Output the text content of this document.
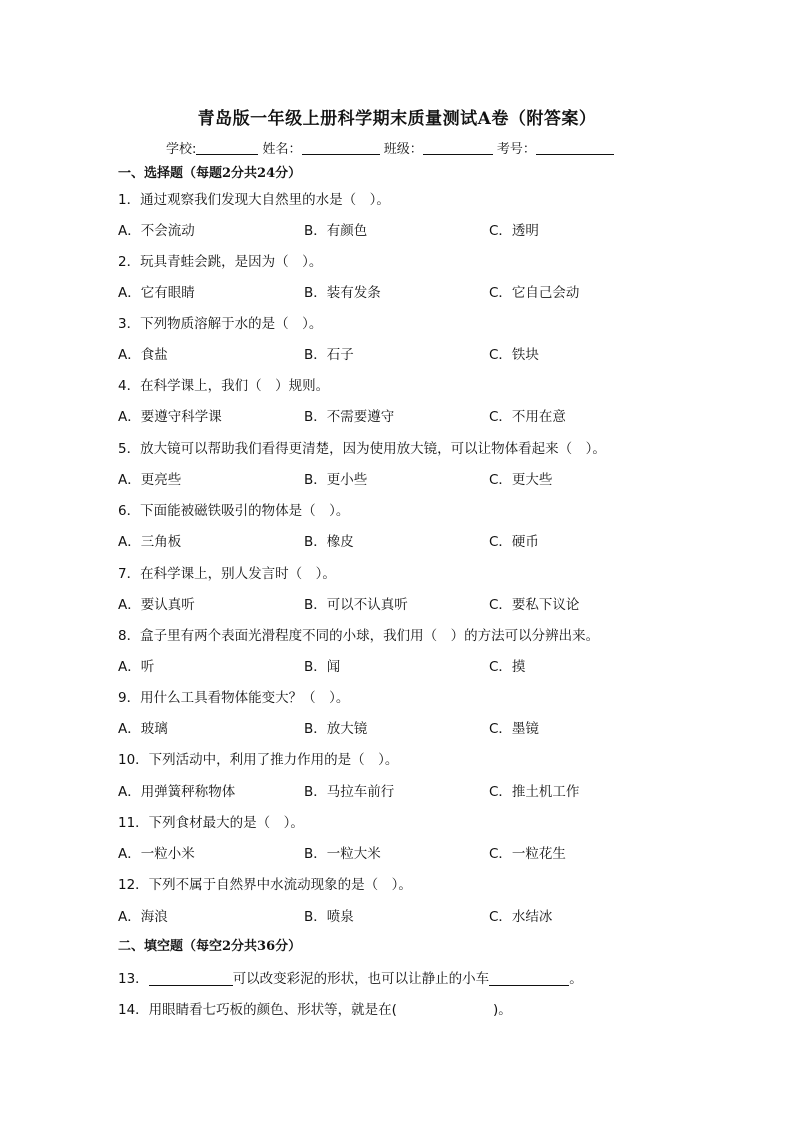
青岛版一年级上册科学期末质量测试A卷（附答案）
学校:	姓名：	班级：	考号：
一、选择题（每题2分共24分）
1．通过观察我们发现大自然里的水是（　）。
A．不会流动	B．有颜色	C．透明
2．玩具青蛙会跳，是因为（　）。
A．它有眼睛	B．装有发条	C．它自己会动
3．下列物质溶解于水的是（　）。
A．食盐	B．石子	C．铁块
4．在科学课上，我们（　）规则。
A．要遵守科学课	B．不需要遵守	C．不用在意
5．放大镜可以帮助我们看得更清楚，因为使用放大镜，可以让物体看起来（　）。
A．更亮些	B．更小些	C．更大些
6．下面能被磁铁吸引的物体是（　）。
A．三角板	B．橡皮	C．硬币
7．在科学课上，别人发言时（　）。
A．要认真听	B．可以不认真听	C．要私下议论
8．盒子里有两个表面光滑程度不同的小球，我们用（　）的方法可以分辨出来。
A．听	B．闻	C．摸
9．用什么工具看物体能变大？（　）。
A．玻璃	B．放大镜	C．墨镜
10．下列活动中，利用了推力作用的是（　）。
A．用弹簧秤称物体	B．马拉车前行	C．推土机工作
11．下列食材最大的是（　）。
A．一粒小米	B．一粒大米	C．一粒花生
12．下列不属于自然界中水流动现象的是（　）。
A．海浪	B．喷泉	C．水结冰
二、填空题（每空2分共36分）
13．	可以改变彩泥的形状，也可以让静止的小车	。
14．用眼睛看七巧板的颜色、形状等，就是在(	)。
